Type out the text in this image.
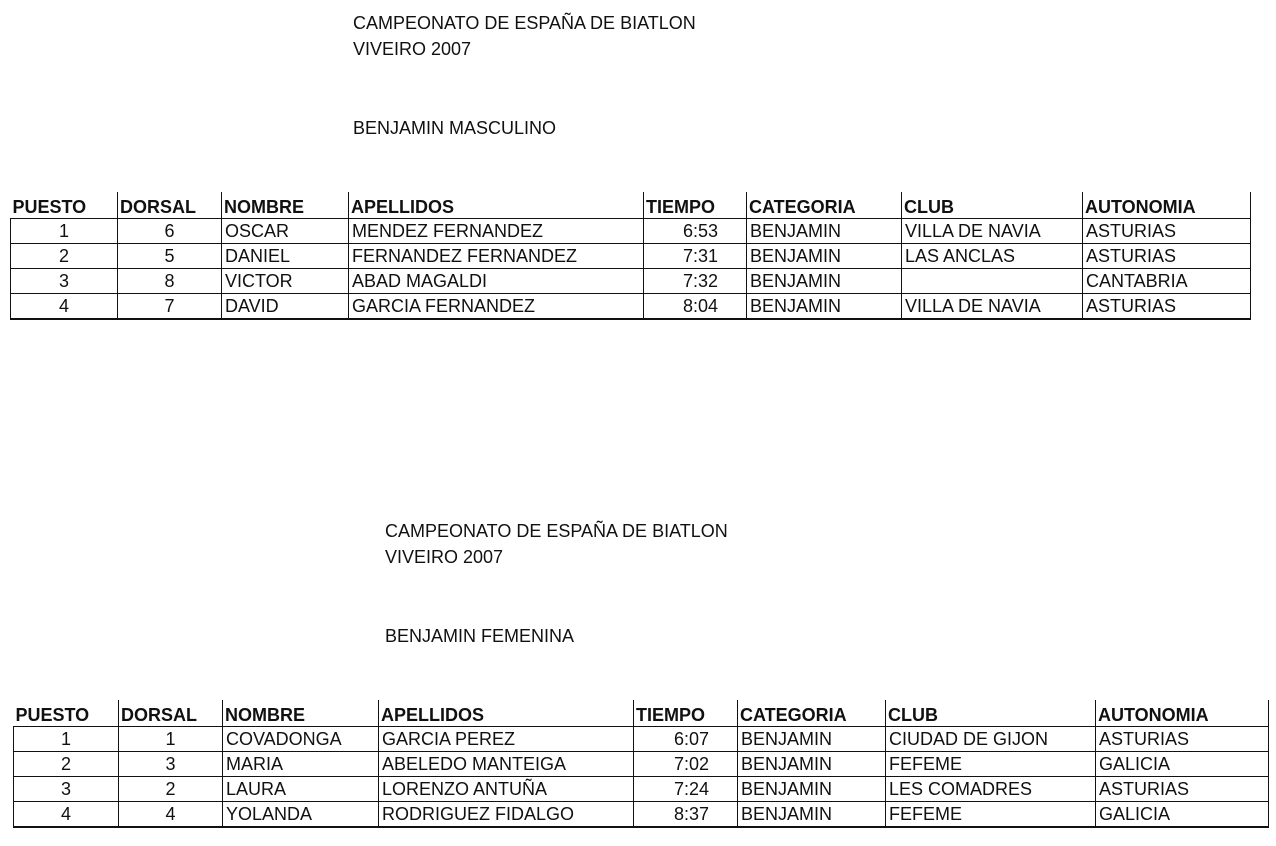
CAMPEONATO DE ESPAÑA DE BIATLON
VIVEIRO 2007
BENJAMIN MASCULINO
PUESTO	DORSAL	NOMBRE	APELLIDOS	TIEMPO	CATEGORIA	CLUB	AUTONOMIA
1	6	OSCAR	MENDEZ FERNANDEZ	6:53	BENJAMIN	VILLA DE NAVIA	ASTURIAS
2	5	DANIEL	FERNANDEZ FERNANDEZ	7:31	BENJAMIN	LAS ANCLAS	ASTURIAS
3	8	VICTOR	ABAD MAGALDI	7:32	BENJAMIN		CANTABRIA
4	7	DAVID	GARCIA FERNANDEZ	8:04	BENJAMIN	VILLA DE NAVIA	ASTURIAS
CAMPEONATO DE ESPAÑA DE BIATLON
VIVEIRO 2007
BENJAMIN FEMENINA
PUESTO	DORSAL	NOMBRE	APELLIDOS	TIEMPO	CATEGORIA	CLUB	AUTONOMIA
1	1	COVADONGA	GARCIA PEREZ	6:07	BENJAMIN	CIUDAD DE GIJON	ASTURIAS
2	3	MARIA	ABELEDO MANTEIGA	7:02	BENJAMIN	FEFEME	GALICIA
3	2	LAURA	LORENZO ANTUÑA	7:24	BENJAMIN	LES COMADRES	ASTURIAS
4	4	YOLANDA	RODRIGUEZ FIDALGO	8:37	BENJAMIN	FEFEME	GALICIA
